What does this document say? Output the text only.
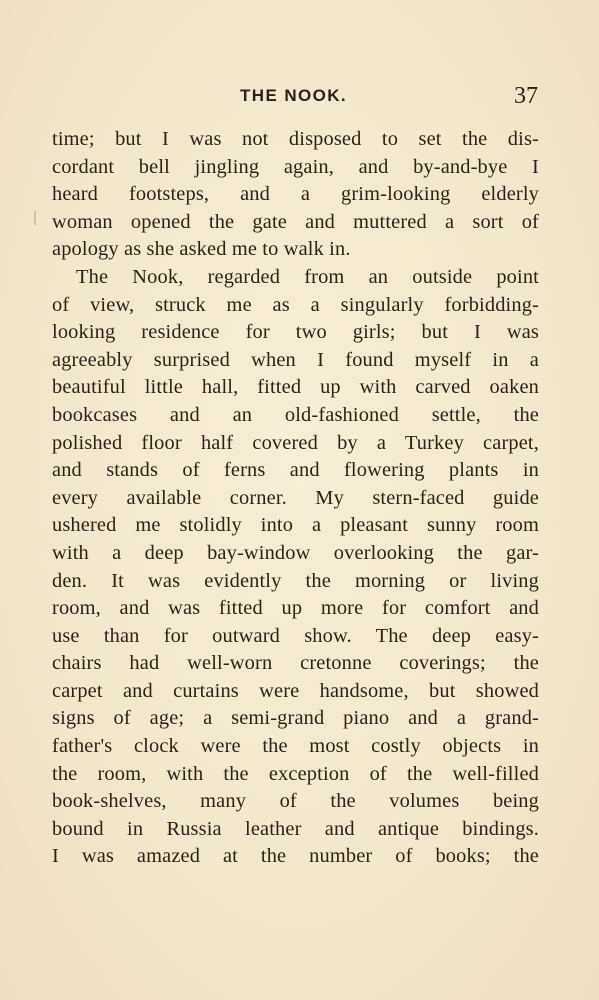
THE NOOK.	37
time; but I was not disposed to set the dis-
cordant bell jingling again, and by-and-bye I
heard footsteps, and a grim-looking elderly
woman opened the gate and muttered a sort of
apology as she asked me to walk in.
The Nook, regarded from an outside point
of view, struck me as a singularly forbidding-
looking residence for two girls; but I was
agreeably surprised when I found myself in a
beautiful little hall, fitted up with carved oaken
bookcases and an old-fashioned settle, the
polished floor half covered by a Turkey carpet,
and stands of ferns and flowering plants in
every available corner. My stern-faced guide
ushered me stolidly into a pleasant sunny room
with a deep bay-window overlooking the gar-
den. It was evidently the morning or living
room, and was fitted up more for comfort and
use than for outward show. The deep easy-
chairs had well-worn cretonne coverings; the
carpet and curtains were handsome, but showed
signs of age; a semi-grand piano and a grand-
father's clock were the most costly objects in
the room, with the exception of the well-filled
book-shelves, many of the volumes being
bound in Russia leather and antique bindings.
I was amazed at the number of books; the
